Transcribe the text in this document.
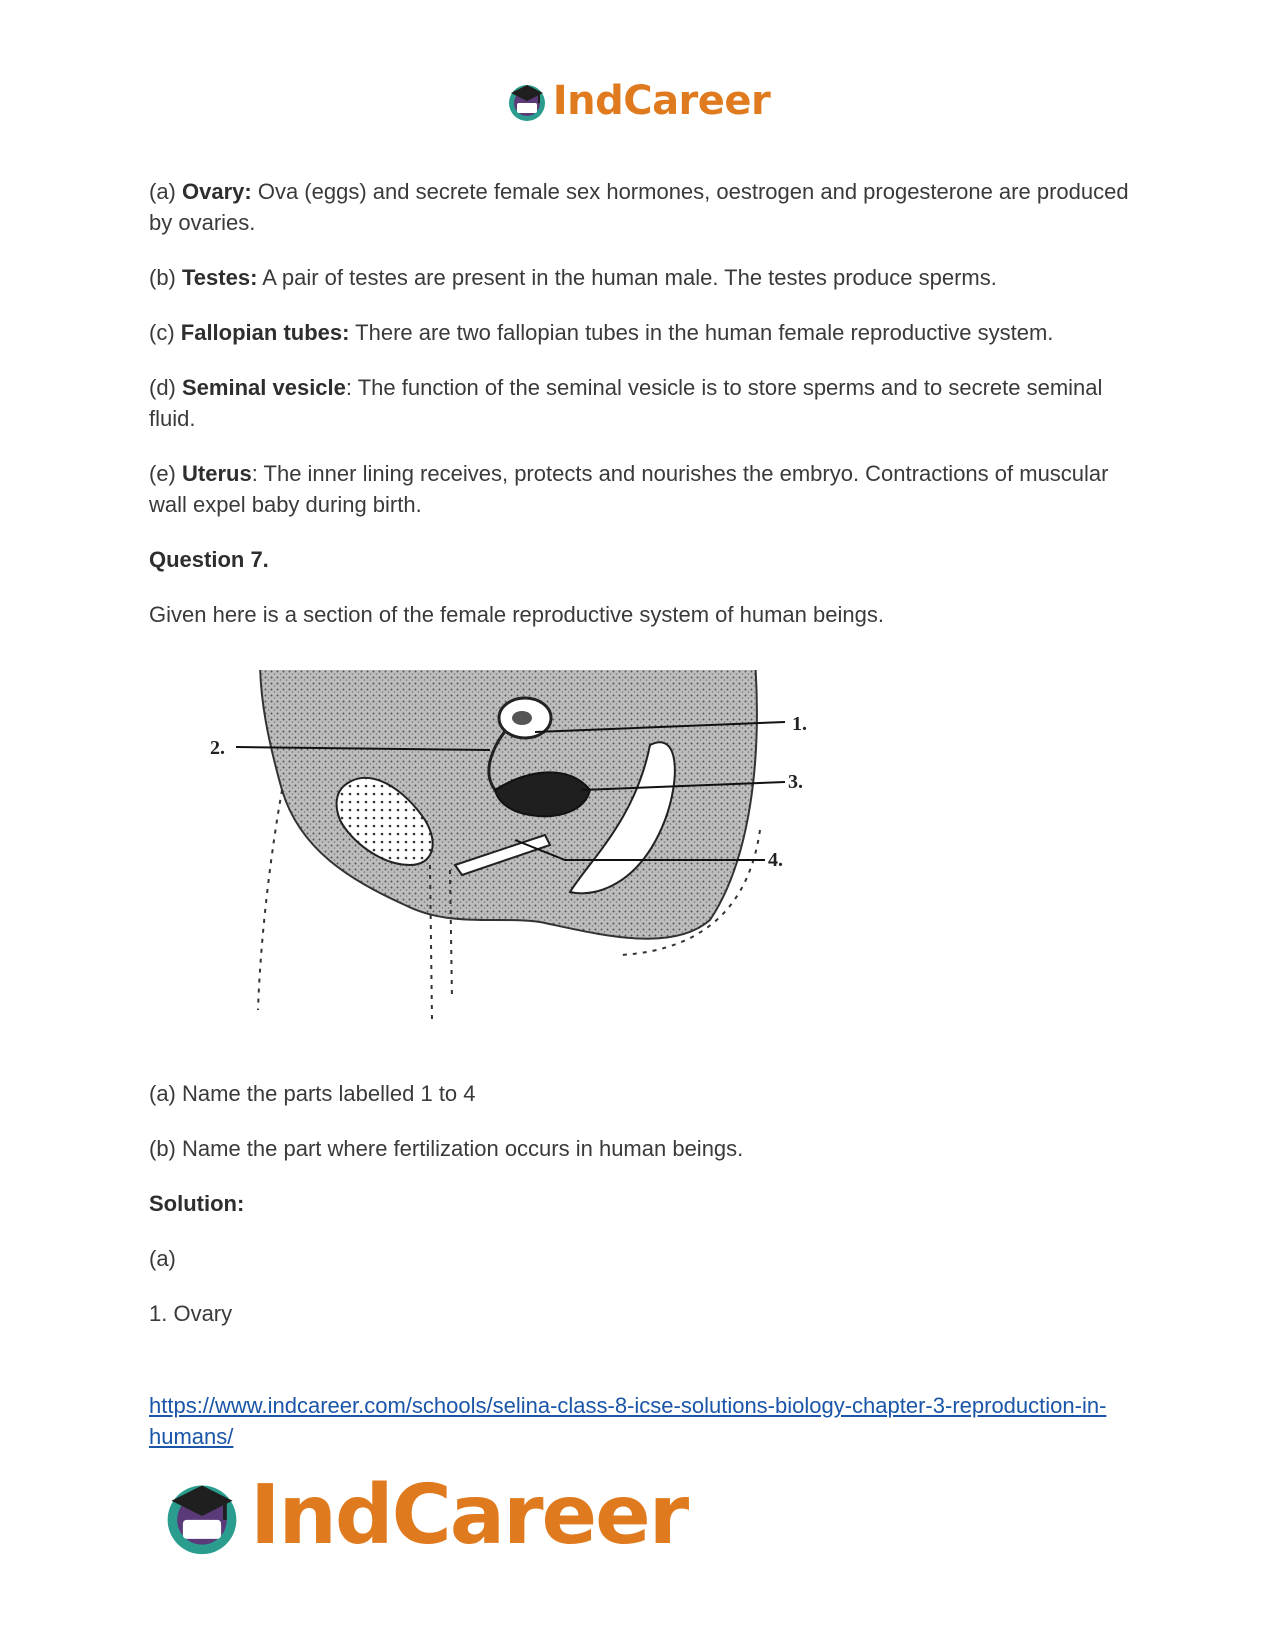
IndCareer

(a) Ovary: Ova (eggs) and secrete female sex hormones, oestrogen and progesterone are produced by ovaries.

(b) Testes: A pair of testes are present in the human male. The testes produce sperms.

(c) Fallopian tubes: There are two fallopian tubes in the human female reproductive system.

(d) Seminal vesicle: The function of the seminal vesicle is to store sperms and to secrete seminal fluid.

(e) Uterus: The inner lining receives, protects and nourishes the embryo. Contractions of muscular wall expel baby during birth.

Question 7.

Given here is a section of the female reproductive system of human beings.

(a) Name the parts labelled 1 to 4

(b) Name the part where fertilization occurs in human beings.

Solution:

(a)

1. Ovary

1.
2.
3.
4.
https://www.indcareer.com/schools/selina-class-8-icse-solutions-biology-chapter-3-reproduction-in-humans/
IndCareer
